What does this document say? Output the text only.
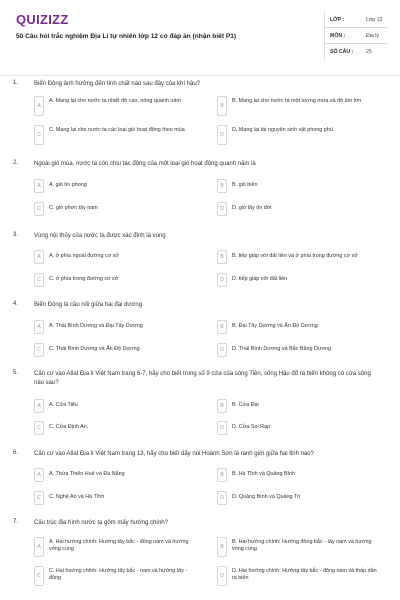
QUIZIZZ
50 Câu hỏi trắc nghiệm Địa Lí tự nhiên lớp 12 có đáp án (nhận biết P1)
LỚP :	Lớp 12
MÔN :	Địa lý
SỐ CÂU : 25
1.	Biển Đông ảnh hưởng đến tính chất nào sau đây của khí hậu?
A
A. Mang lại cho nước ta nhiệt độ cao, nóng quanh năm
B
B. Mang lại cho nước ta một lượng mưa và độ ẩm lớn
C
C. Mang lại cho nước ta các loại gió hoạt động theo mùa
D
D. Mang lại tài nguyên sinh vật phong phú.
2.	Ngoài gió mùa, nước ta còn chịu tác động của một loại gió hoạt động quanh năm là
A	A. gió tín phong	B	B. gió biển
C	C. gió phơn tây nam	D	D. gió tây ôn đới
3.	Vùng nội thủy của nước ta được xác định là vùng
A	A. ở phía ngoài đường cơ sở	B	B. tiếp giáp với đất liền và ở phía trong đường cơ sở
C	C. ở phía trong đường cơ sở	D	D. tiếp giáp với đất liền
4.	Biển Đông là cầu nối giữa hai đại dương
A	A. Thái Bình Dương và Đại Tây Dương	B	B. Đại Tây Dương và Ấn Độ Dương
C	C. Thái Bình Dương và Ấn Độ Dương	D	D. Thái Bình Dương và Bắc Băng Dương
5.	Căn cứ vào Atlat Địa lí Việt Nam trang 6-7, hãy cho biết trong số 9 cửa của sông Tiền, sông Hậu đổ ra biển không có cửa sông nào sau?
A	A. Cửa Tiểu	B	B. Cửa Đại
C	C. Cửa Định An.	D	D. Cửa Soi Rạp
6.	Căn cứ vào Atlat Địa lí Việt Nam trang 13, hãy cho biết dãy núi Hoành Sơn là ranh giới giữa hai tỉnh nào?
A	A. Thừa Thiên Huế và Đà Nẵng	B	B. Hà Tĩnh và Quảng Bình
C	C. Nghệ An và Hà Tĩnh	D	D. Quảng Bình và Quảng Trị
7.	Cấu trúc địa hình nước ta gồm mấy hướng chính?
A
A. Hai hướng chính: Hướng tây bắc - đông nam và hướng vòng cung	B
B. Hai hướng chính: Hướng đông bắc - tây nam và hướng vòng cung
C
C. Hai hướng chính: Hướng tây bắc - nam và hướng tây - đông	D
D. Hai hướng chính: Hướng tây bắc - đông nam và thấp dần ra biển
